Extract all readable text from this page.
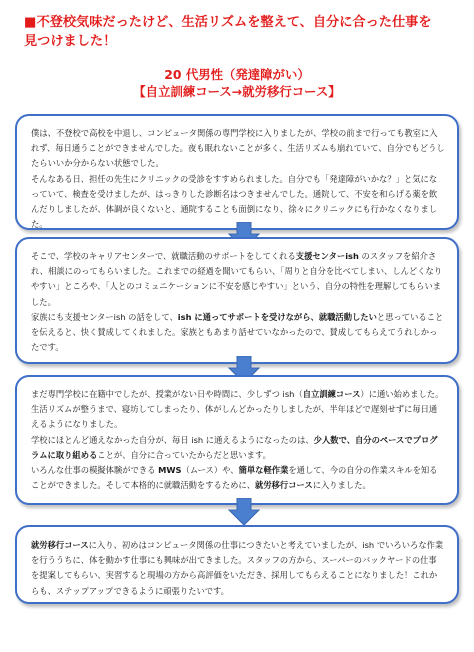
■不登校気味だったけど、生活リズムを整えて、自分に合った仕事を
見つけました！
20 代男性（発達障がい）
【自立訓練コース→就労移行コース】

僕は、不登校で高校を中退し、コンピュータ関係の専門学校に入りましたが、学校の前まで行っても教室に入れず、毎日通うことができませんでした。夜も眠れないことが多く、生活リズムも崩れていて、自分でもどうしたらいいか分からない状態でした。

そんなある日、担任の先生にクリニックの受診をすすめられました。自分でも「発達障がいかな？」と気になっていて、検査を受けましたが、はっきりした診断名はつきませんでした。通院して、不安を和らげる薬を飲んだりしましたが、体調が良くないと、通院することも面倒になり、徐々にクリニックにも行かなくなりました。

そこで、学校のキャリアセンターで、就職活動のサポートをしてくれる支援センターish のスタッフを紹介され、相談にのってもらいました。これまでの経過を聞いてもらい、「周りと自分を比べてしまい、しんどくなりやすい」ところや、「人とのコミュニケーションに不安を感じやすい」という、自分の特性を理解してもらいました。

家族にも支援センターish の話をして、ish に通ってサポートを受けながら、就職活動したいと思っていることを伝えると、快く賛成してくれました。家族ともあまり話せていなかったので、賛成してもらえてうれしかったです。

まだ専門学校に在籍中でしたが、授業がない日や時間に、少しずつ ish（自立訓練コース）に通い始めました。生活リズムが整うまで、寝坊してしまったり、体がしんどかったりしましたが、半年ほどで遅刻せずに毎日通えるようになりました。

学校にほとんど通えなかった自分が、毎日 ish に通えるようになったのは、少人数で、自分のペースでプログラムに取り組めることが、自分に合っていたからだと思います。

いろんな仕事の模擬体験ができる MWS（ムース）や、簡単な軽作業を通して、今の自分の作業スキルを知ることができました。そして本格的に就職活動をするために、就労移行コースに入りました。

就労移行コースに入り、初めはコンピュータ関係の仕事につきたいと考えていましたが、ish でいろいろな作業を行ううちに、体を動かす仕事にも興味が出てきました。スタッフの方から、スーパーのバックヤードの仕事を提案してもらい、実習すると現場の方から高評価をいただき、採用してもらえることになりました！これからも、ステップアップできるように頑張りたいです。
